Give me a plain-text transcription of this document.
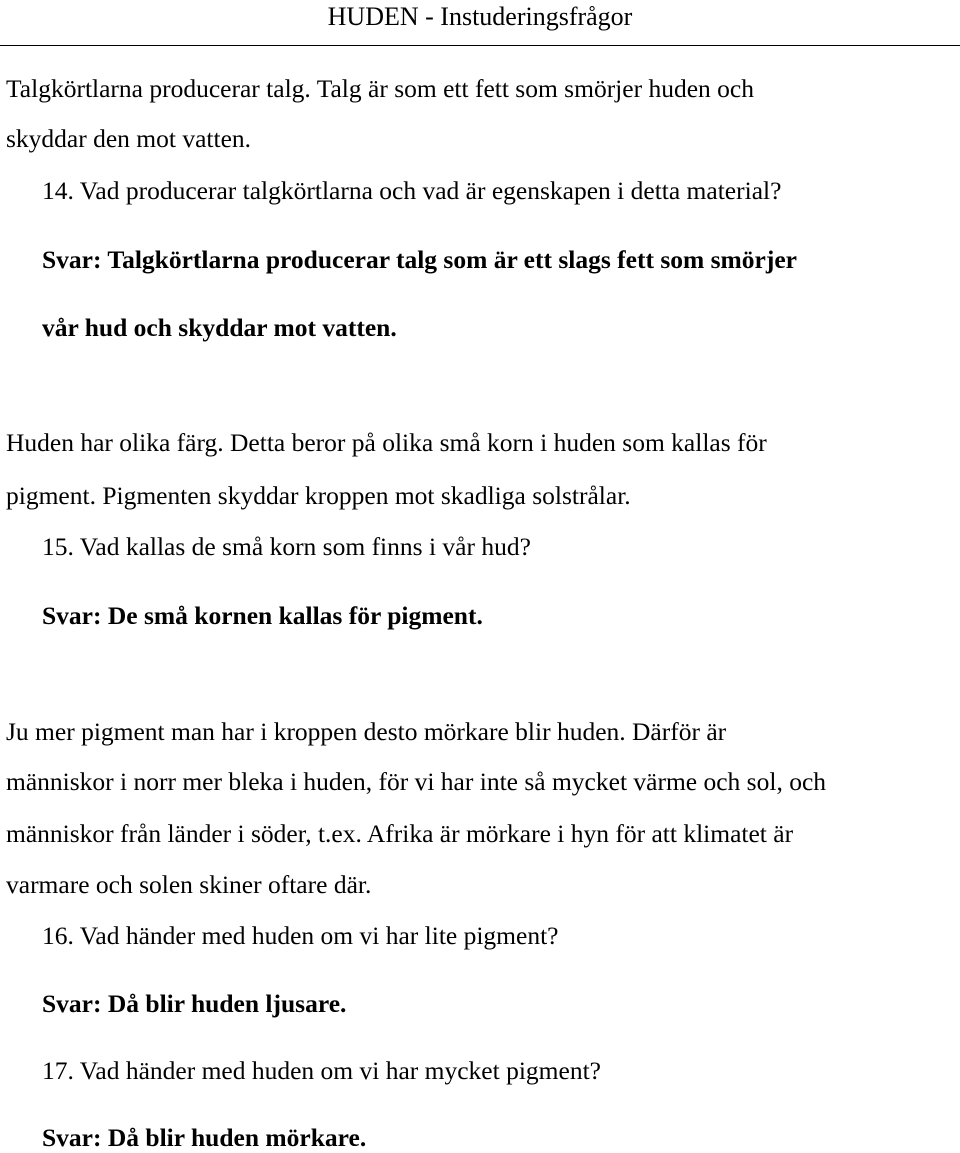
HUDEN - Instuderingsfrågor
Talgkörtlarna producerar talg. Talg är som ett fett som smörjer huden och
skyddar den mot vatten.
14. Vad producerar talgkörtlarna och vad är egenskapen i detta material?
Svar: Talgkörtlarna producerar talg som är ett slags fett som smörjer
vår hud och skyddar mot vatten.
Huden har olika färg. Detta beror på olika små korn i huden som kallas för
pigment. Pigmenten skyddar kroppen mot skadliga solstrålar.
15. Vad kallas de små korn som finns i vår hud?
Svar: De små kornen kallas för pigment.
Ju mer pigment man har i kroppen desto mörkare blir huden. Därför är
människor i norr mer bleka i huden, för vi har inte så mycket värme och sol, och
människor från länder i söder, t.ex. Afrika är mörkare i hyn för att klimatet är
varmare och solen skiner oftare där.
16. Vad händer med huden om vi har lite pigment?
Svar: Då blir huden ljusare.
17. Vad händer med huden om vi har mycket pigment?
Svar: Då blir huden mörkare.
